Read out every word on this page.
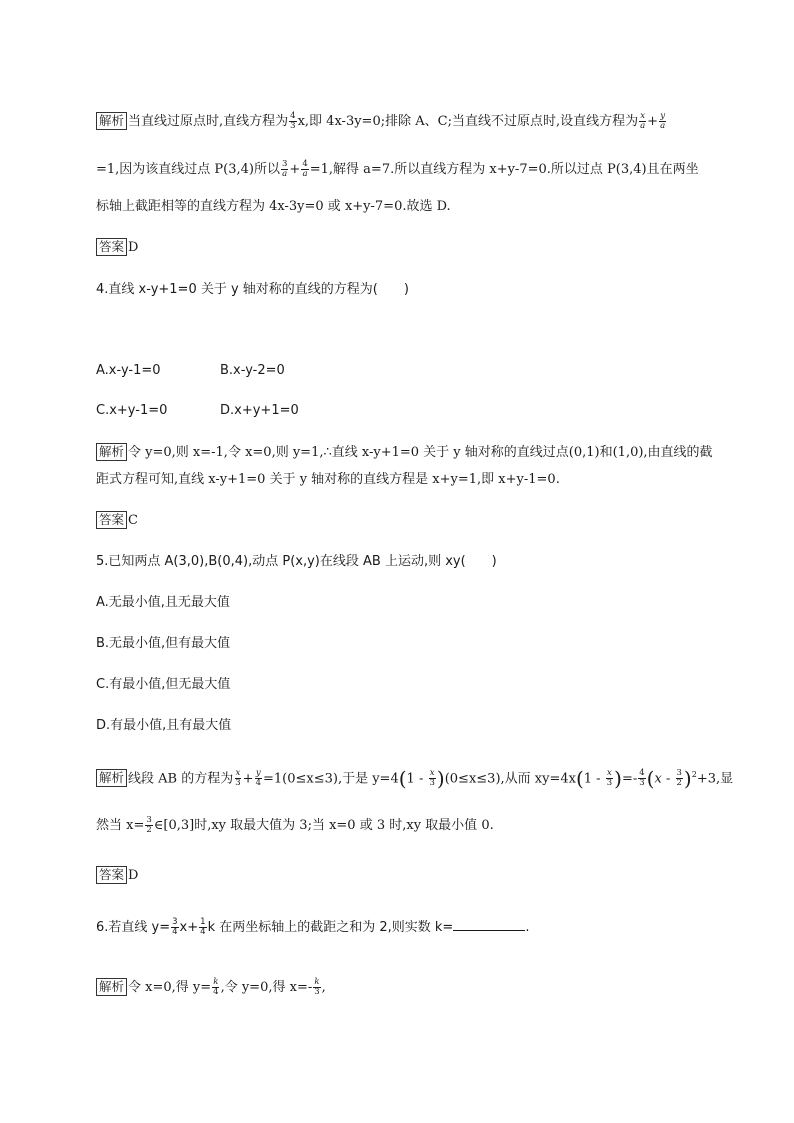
解析 当直线过原点时,直线方程为 $\frac{4}{3} x$,即 4x-3y=0;排除 A、C;当直线不过原点时,设直线方程为 $\frac{x}{a} + \frac{y}{a}$
=1,因为该直线过点 P(3,4)所以 $\frac{3}{a} + \frac{4}{a} =1$,解得 a=7.所以直线方程为 x+y-7=0.所以过点 P(3,4)且在两坐
标轴上截距相等的直线方程为 4x-3y=0 或 x+y-7=0.故选 D.
答案 D
4.直线 x-y+1=0 关于 y 轴对称的直线的方程为(　　)
A.x-y-1=0	B.x-y-2=0
C.x+y-1=0	D.x+y+1=0
解析 令 y=0,则 x=-1,令 x=0,则 y=1,∴直线 x-y+1=0 关于 y 轴对称的直线过点(0,1)和(1,0),由直线的截
距式方程可知,直线 x-y+1=0 关于 y 轴对称的直线方程是 x+y=1,即 x+y-1=0.
答案 C
5.已知两点 A(3,0),B(0,4),动点 P(x,y)在线段 AB 上运动,则 xy(　　)
A.无最小值,且无最大值
B.无最小值,但有最大值
C.有最小值,但无最大值
D.有最小值,且有最大值
解析 线段 AB 的方程为 $\frac{x}{3} + \frac{y}{4} =1(0\le x\le 3)$,于是 $y=4(1 - \frac{x}{3} )(0\le x\le 3)$,从而 $xy=4x(1 - \frac{x}{3}$ )=- $\frac{4}{3} (x - \frac{3}{2} )^2+3$,显
然当 $x= \frac{3}{2}$ ∈[0,3]时,xy 取最大值为 3;当 x=0 或 3 时,xy 取最小值 0.
答案 D
6.若直线 $y= \frac{3}{4} x+ \frac{1}{4}$ k 在两坐标轴上的截距之和为 2,则实数 k=	.
解析 令 x=0,得 $y= \frac{k}{4}$ ,令 y=0,得 $x=- \frac{k}{3}$ ,
